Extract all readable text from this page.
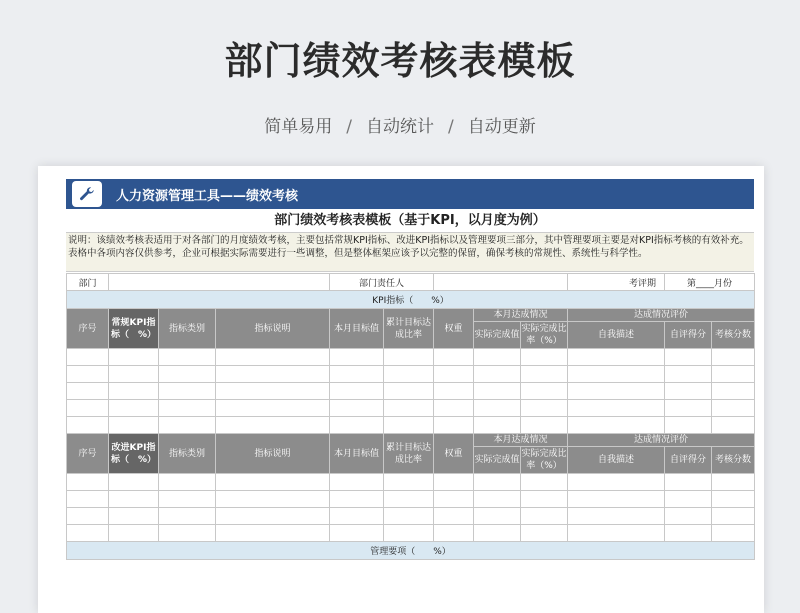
部门绩效考核表模板
简单易用 / 自动统计 / 自动更新
人力资源管理工具——绩效考核
部门绩效考核表模板（基于KPI，以月度为例）
说明：该绩效考核表适用于对各部门的月度绩效考核，主要包括常规KPI指标、改进KPI指标以及管理要项三部分，其中管理要项主要是对KPI指标考核的有效补充。表格中各项内容仅供参考，企业可根据实际需要进行一些调整，但是整体框架应该予以完整的保留，确保考核的常规性、系统性与科学性。
部门				部门责任人					考评期	第____月份	
KPI指标（　　%）											
序号	常规KPI指标（　%）	指标类别	指标说明	本月目标值	累计目标达成比率	权重	本月达成情况		达成情况评价		
							实际完成值	实际完成比率（%）	自我描述	自评得分	考核分数

序号	改进KPI指标（　%）	指标类别	指标说明	本月目标值	累计目标达成比率	权重	本月达成情况		达成情况评价		
							实际完成值	实际完成比率（%）	自我描述	自评得分	考核分数

管理要项（　　%）											
